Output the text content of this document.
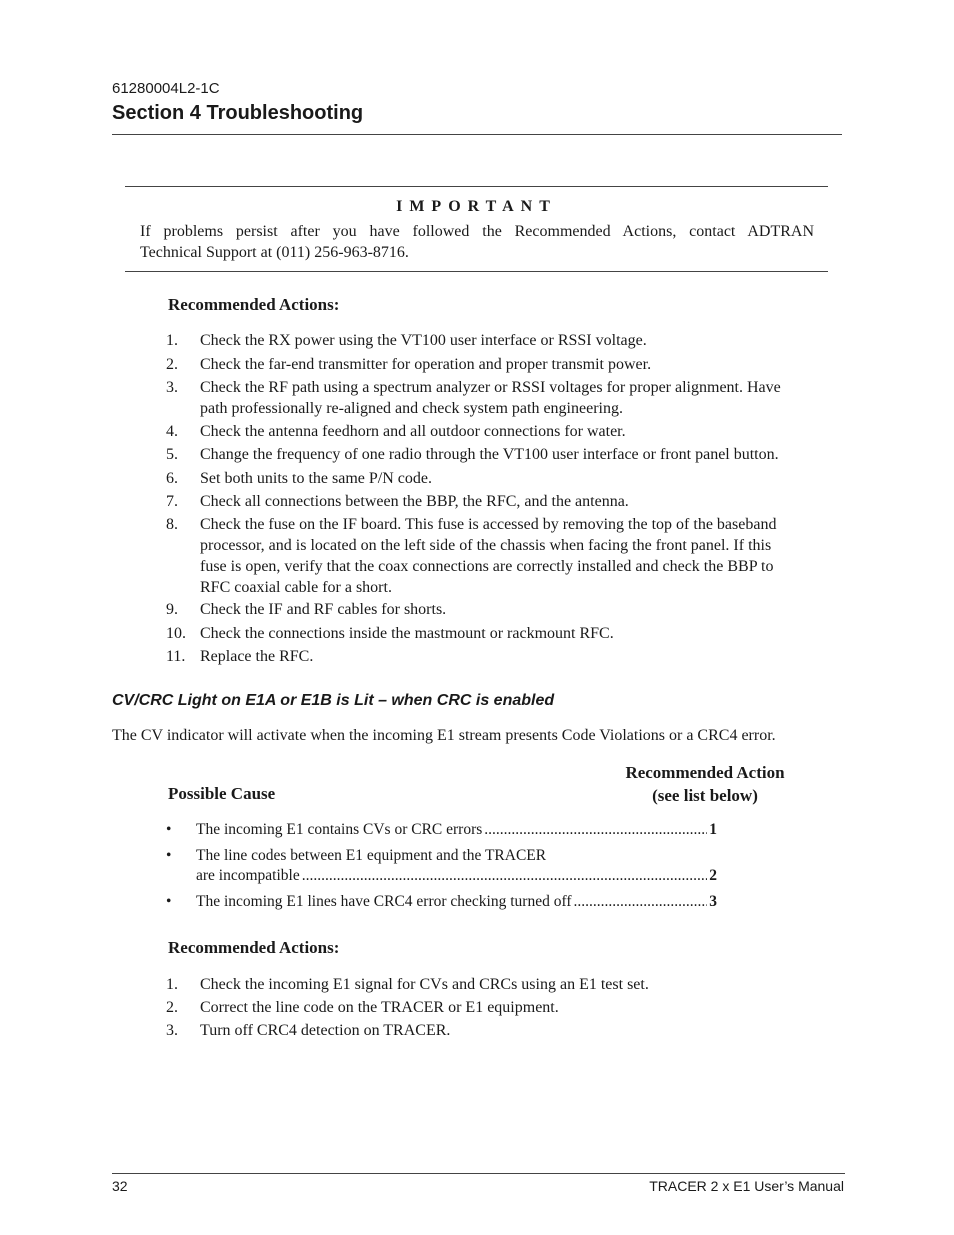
61280004L2-1C
Section 4 Troubleshooting
IMPORTANT
If problems persist after you have followed the Recommended Actions, contact ADTRAN
Technical Support at (011) 256-963-8716.
Recommended Actions:
1.	Check the RX power using the VT100 user interface or RSSI voltage.
2.	Check the far-end transmitter for operation and proper transmit power.
3.	Check the RF path using a spectrum analyzer or RSSI voltages for proper alignment. Have
path professionally re-aligned and check system path engineering.
4.	Check the antenna feedhorn and all outdoor connections for water.
5.	Change the frequency of one radio through the VT100 user interface or front panel button.
6.	Set both units to the same P/N code.
7.	Check all connections between the BBP, the RFC, and the antenna.
8.	Check the fuse on the IF board. This fuse is accessed by removing the top of the baseband
processor, and is located on the left side of the chassis when facing the front panel. If this
fuse is open, verify that the coax connections are correctly installed and check the BBP to
RFC coaxial cable for a short.
9.	Check the IF and RF cables for shorts.
10. Check the connections inside the mastmount or rackmount RFC.
11. Replace the RFC.
CV/CRC Light on E1A or E1B is Lit – when CRC is enabled
The CV indicator will activate when the incoming E1 stream presents Code Violations or a CRC4 error.
Recommended Action
(see list below)
Possible Cause
• The incoming E1 contains CVs or CRC errors .....	1
• The line codes between E1 equipment and the TRACER
are incompatible .....	2
• The incoming E1 lines have CRC4 error checking turned off .....	3
Recommended Actions:
1.	Check the incoming E1 signal for CVs and CRCs using an E1 test set.
2.	Correct the line code on the TRACER or E1 equipment.
3.	Turn off CRC4 detection on TRACER.
32	TRACER 2 x E1 User’s Manual
